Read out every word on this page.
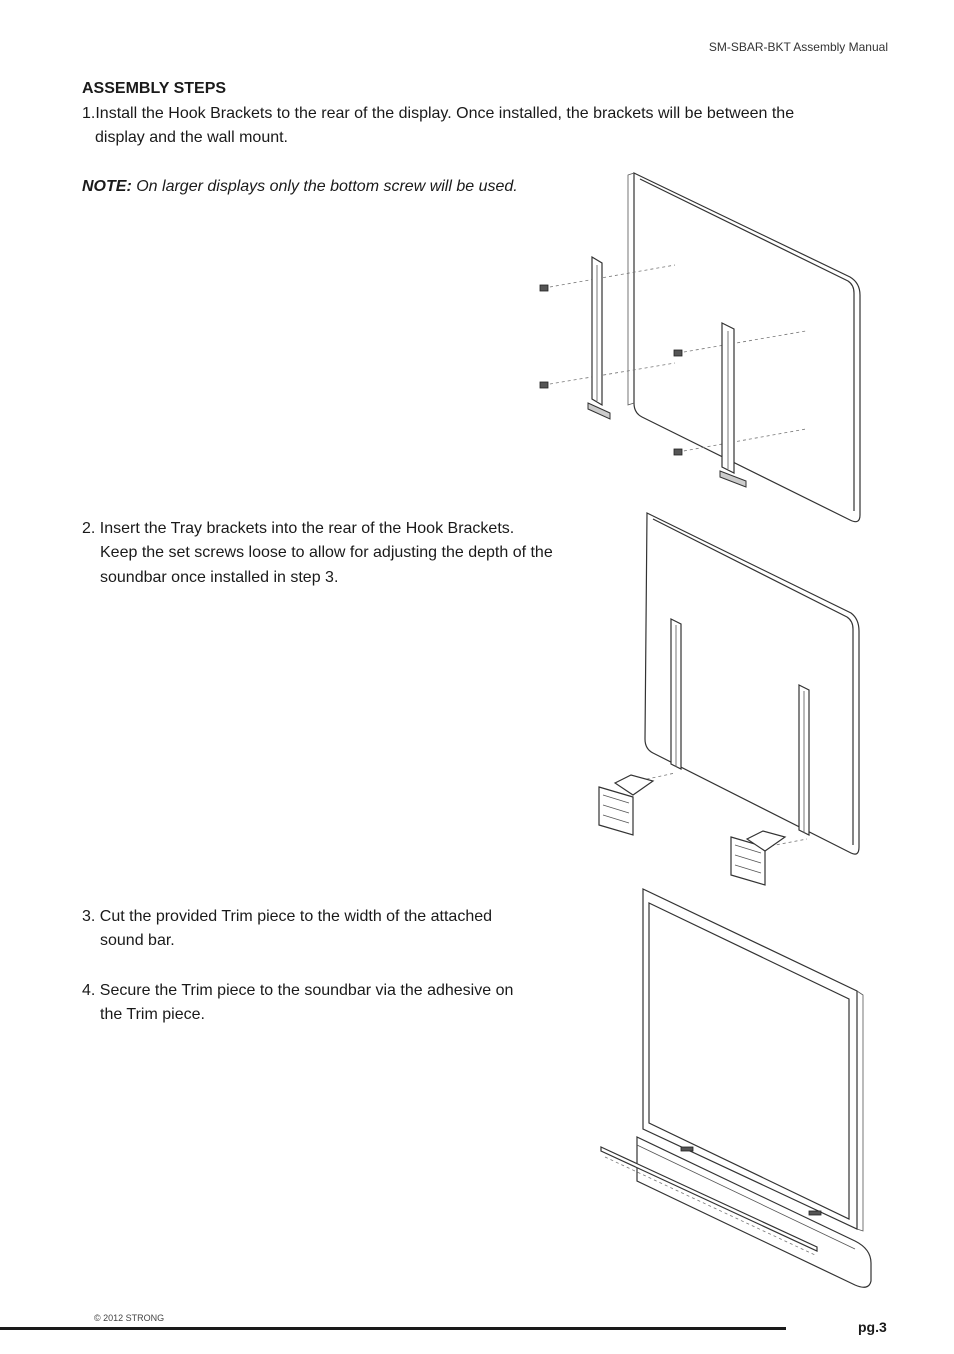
SM-SBAR-BKT Assembly Manual
ASSEMBLY STEPS
1.Install the Hook Brackets to the rear of the display. Once installed, the brackets will be between the
display and the wall mount.
NOTE: On larger displays only the bottom screw will be used.
2. Insert the Tray brackets into the rear of the Hook Brackets.
Keep the set screws loose to allow for adjusting the depth of the
soundbar once installed in step 3.
3. Cut the provided Trim piece to the width of the attached
sound bar.
4. Secure the Trim piece to the soundbar via the adhesive on
the Trim piece.
© 2012 STRONG
pg.3
